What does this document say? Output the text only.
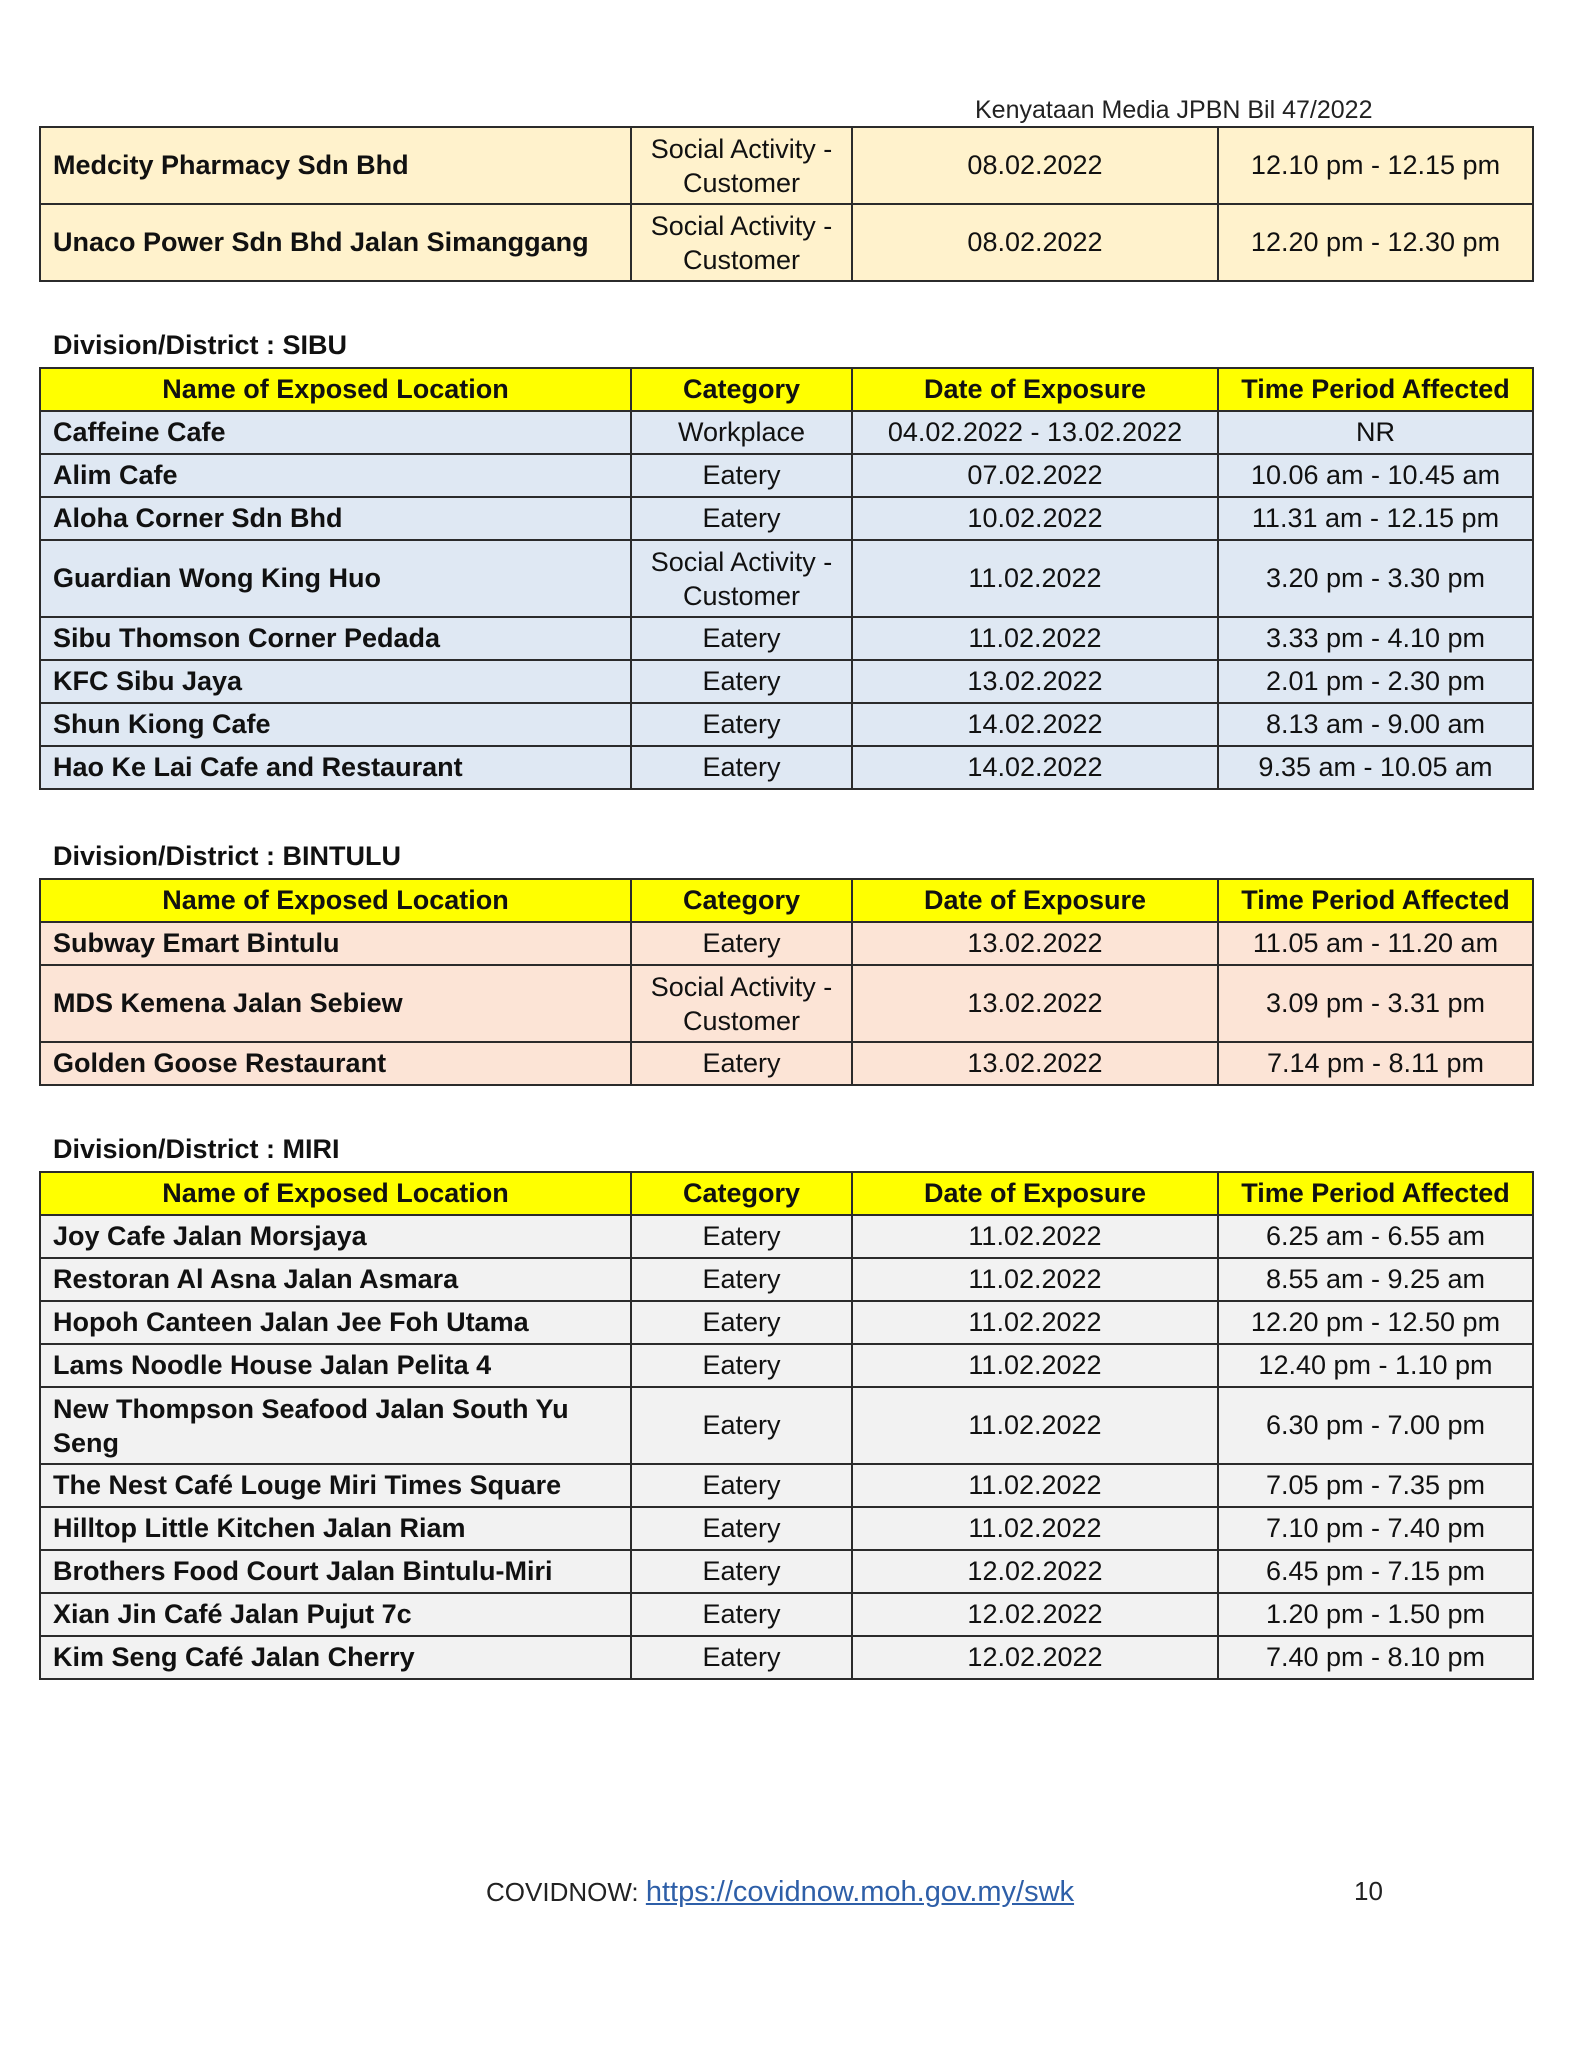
Kenyataan Media JPBN Bil 47/2022
Medcity Pharmacy Sdn Bhd	Social Activity - Customer	08.02.2022	12.10 pm - 12.15 pm
Unaco Power Sdn Bhd Jalan Simanggang	Social Activity - Customer	08.02.2022	12.20 pm - 12.30 pm
Division/District : SIBU
Name of Exposed Location	Category	Date of Exposure	Time Period Affected
Caffeine Cafe	Workplace	04.02.2022 - 13.02.2022	NR
Alim Cafe	Eatery	07.02.2022	10.06 am - 10.45 am
Aloha Corner Sdn Bhd	Eatery	10.02.2022	11.31 am - 12.15 pm
Guardian Wong King Huo	Social Activity - Customer	11.02.2022	3.20 pm - 3.30 pm
Sibu Thomson Corner Pedada	Eatery	11.02.2022	3.33 pm - 4.10 pm
KFC Sibu Jaya	Eatery	13.02.2022	2.01 pm - 2.30 pm
Shun Kiong Cafe	Eatery	14.02.2022	8.13 am - 9.00 am
Hao Ke Lai Cafe and Restaurant	Eatery	14.02.2022	9.35 am - 10.05 am
Division/District : BINTULU
Name of Exposed Location	Category	Date of Exposure	Time Period Affected
Subway Emart Bintulu	Eatery	13.02.2022	11.05 am - 11.20 am
MDS Kemena Jalan Sebiew	Social Activity - Customer	13.02.2022	3.09 pm - 3.31 pm
Golden Goose Restaurant	Eatery	13.02.2022	7.14 pm - 8.11 pm
Division/District : MIRI
Name of Exposed Location	Category	Date of Exposure	Time Period Affected
Joy Cafe Jalan Morsjaya	Eatery	11.02.2022	6.25 am - 6.55 am
Restoran Al Asna Jalan Asmara	Eatery	11.02.2022	8.55 am - 9.25 am
Hopoh Canteen Jalan Jee Foh Utama	Eatery	11.02.2022	12.20 pm - 12.50 pm
Lams Noodle House Jalan Pelita 4	Eatery	11.02.2022	12.40 pm - 1.10 pm
New Thompson Seafood Jalan South Yu Seng	Eatery	11.02.2022	6.30 pm - 7.00 pm
The Nest Café Louge Miri Times Square	Eatery	11.02.2022	7.05 pm - 7.35 pm
Hilltop Little Kitchen Jalan Riam	Eatery	11.02.2022	7.10 pm - 7.40 pm
Brothers Food Court Jalan Bintulu-Miri	Eatery	12.02.2022	6.45 pm - 7.15 pm
Xian Jin Café Jalan Pujut 7c	Eatery	12.02.2022	1.20 pm - 1.50 pm
Kim Seng Café Jalan Cherry	Eatery	12.02.2022	7.40 pm - 8.10 pm
COVIDNOW: https://covidnow.moh.gov.my/swk	10
